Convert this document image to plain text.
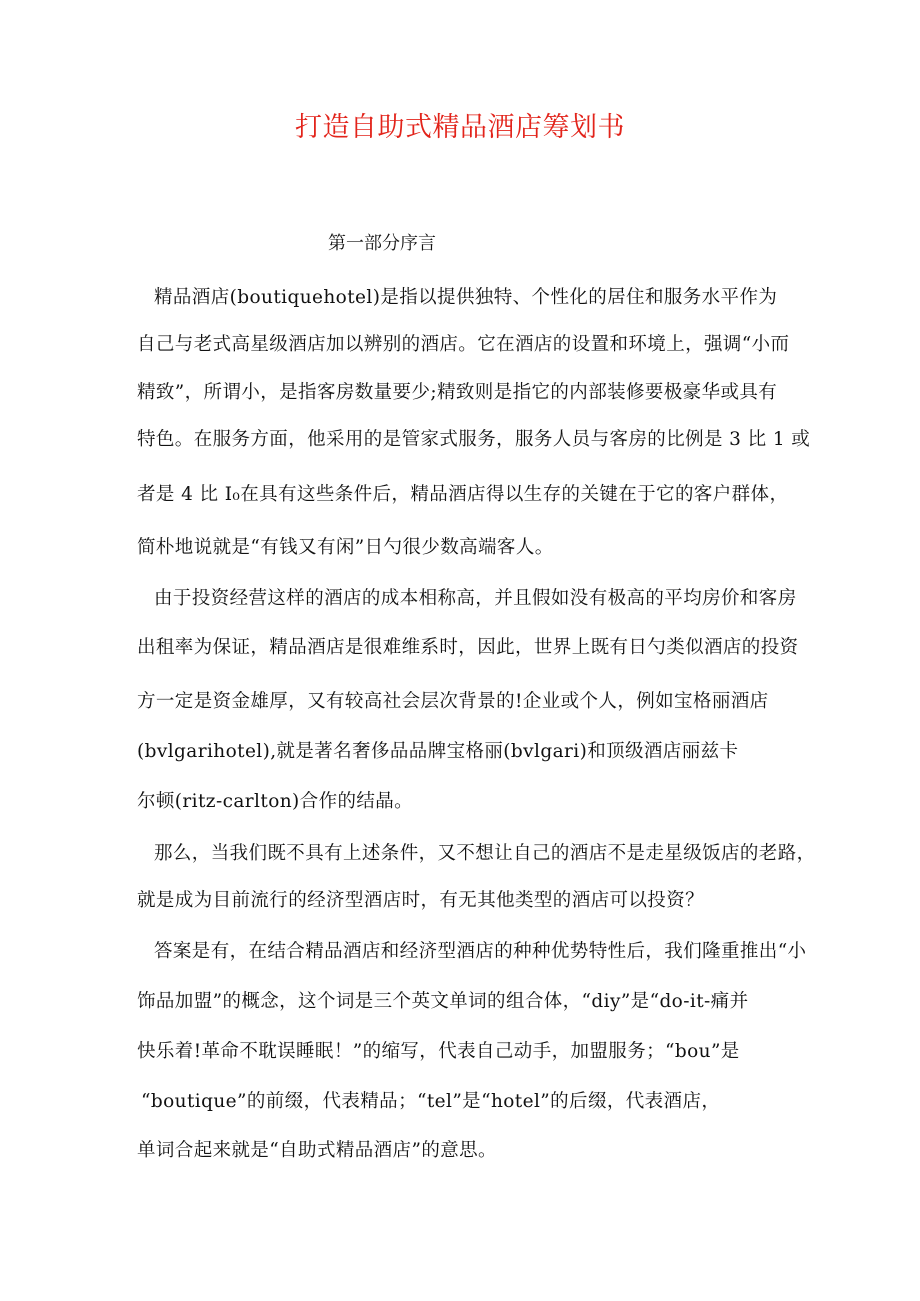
打造自助式精品酒店筹划书
第一部分序言
精品酒店(boutiquehotel)是指以提供独特、个性化的居住和服务水平作为
自己与老式高星级酒店加以辨别的酒店。它在酒店的设置和环境上，强调“小而
精致”，所谓小，是指客房数量要少;精致则是指它的内部装修要极豪华或具有
特色。在服务方面，他采用的是管家式服务，服务人员与客房的比例是 3 比 1 或
者是 4 比 I₀在具有这些条件后，精品酒店得以生存的关键在于它的客户群体，
简朴地说就是“有钱又有闲”日勺很少数高端客人。
由于投资经营这样的酒店的成本相称高，并且假如没有极高的平均房价和客房
出租率为保证，精品酒店是很难维系时，因此，世界上既有日勺类似酒店的投资
方一定是资金雄厚，又有较高社会层次背景的!企业或个人，例如宝格丽酒店
(bvlgarihotel),就是著名奢侈品品牌宝格丽(bvlgari)和顶级酒店丽兹卡
尔顿(ritz-carlton)合作的结晶。
那么，当我们既不具有上述条件，又不想让自己的酒店不是走星级饭店的老路，
就是成为目前流行的经济型酒店时，有无其他类型的酒店可以投资？
答案是有，在结合精品酒店和经济型酒店的种种优势特性后，我们隆重推出“小
饰品加盟”的概念，这个词是三个英文单词的组合体，“diy”是“do-it-痛并
快乐着!革命不耽误睡眠！”的缩写，代表自己动手，加盟服务；“bou”是
“boutique”的前缀，代表精品；“tel”是“hotel”的后缀，代表酒店，
单词合起来就是“自助式精品酒店”的意思。
